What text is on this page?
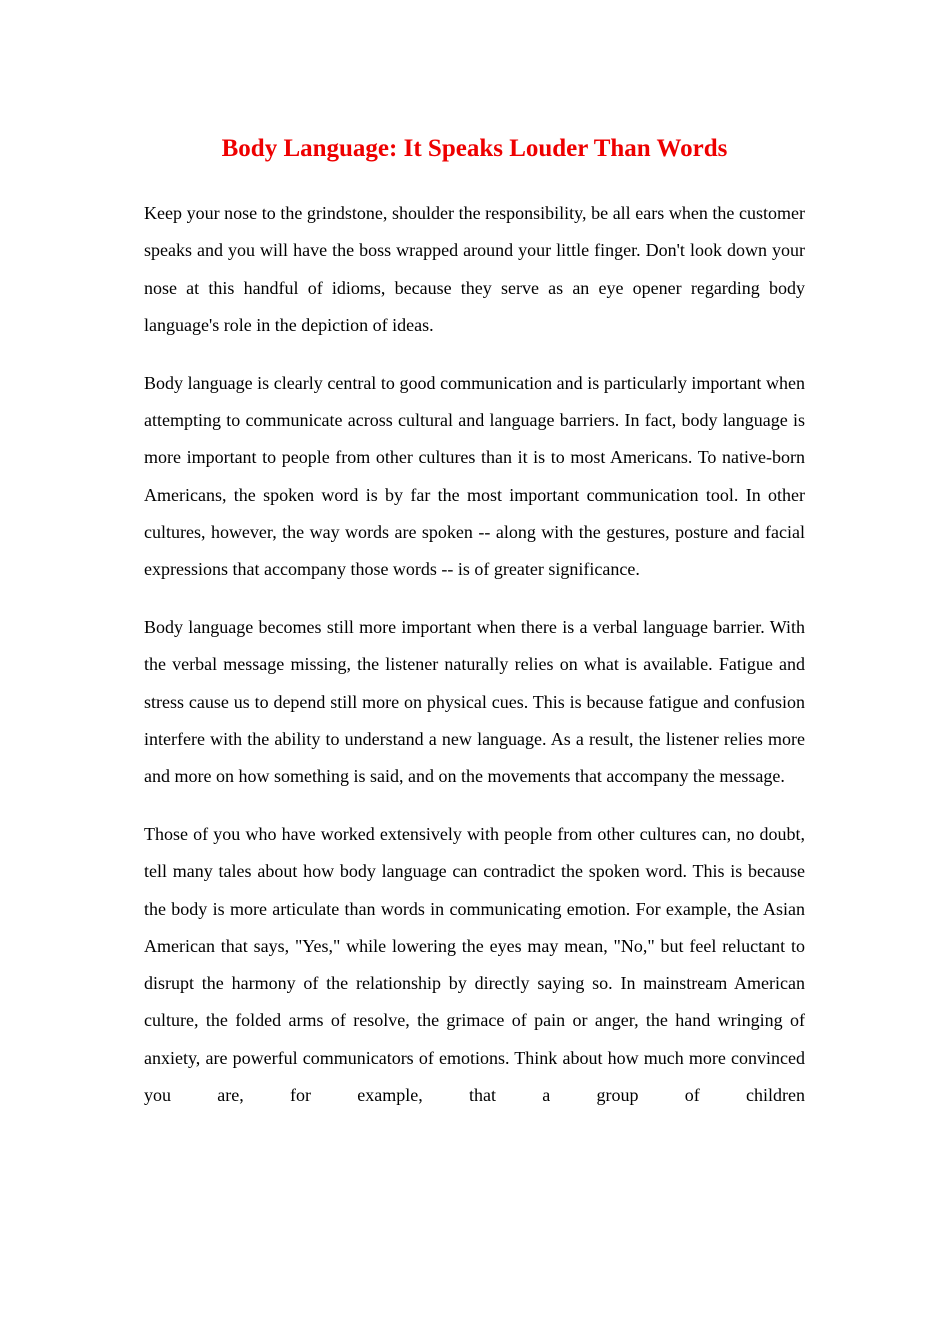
Body Language: It Speaks Louder Than Words

Keep your nose to the grindstone, shoulder the responsibility, be all ears when the customer speaks and you will have the boss wrapped around your little finger. Don't look down your nose at this handful of idioms, because they serve as an eye opener regarding body language's role in the depiction of ideas.

Body language is clearly central to good communication and is particularly important when attempting to communicate across cultural and language barriers. In fact, body language is more important to people from other cultures than it is to most Americans. To native-born Americans, the spoken word is by far the most important communication tool. In other cultures, however, the way words are spoken -- along with the gestures, posture and facial expressions that accompany those words -- is of greater significance.

Body language becomes still more important when there is a verbal language barrier. With the verbal message missing, the listener naturally relies on what is available. Fatigue and stress cause us to depend still more on physical cues. This is because fatigue and confusion interfere with the ability to understand a new language. As a result, the listener relies more and more on how something is said, and on the movements that accompany the message.

Those of you who have worked extensively with people from other cultures can, no doubt, tell many tales about how body language can contradict the spoken word. This is because the body is more articulate than words in communicating emotion. For example, the Asian American that says, "Yes," while lowering the eyes may mean, "No," but feel reluctant to disrupt the harmony of the relationship by directly saying so. In mainstream American culture, the folded arms of resolve, the grimace of pain or anger, the hand wringing of anxiety, are powerful communicators of emotions. Think about how much more convinced you are, for example, that a group of children
